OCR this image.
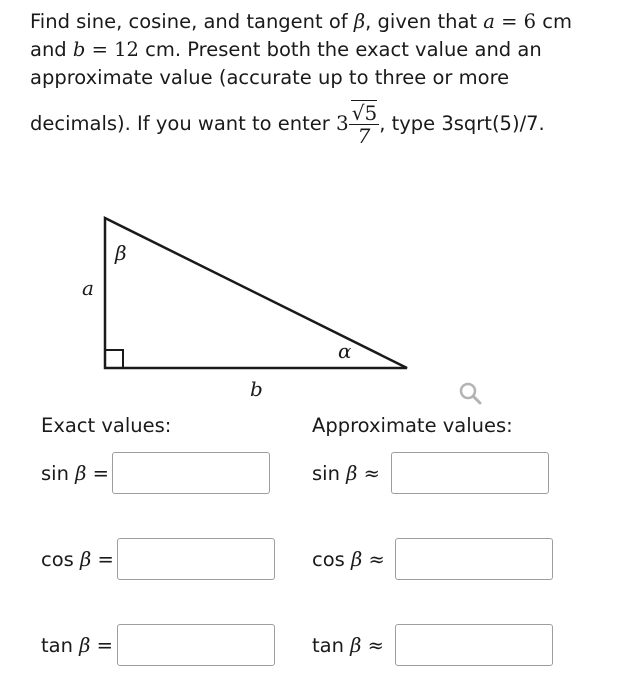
Find sine, cosine, and tangent of β, given that a = 6 cm
and b = 12 cm. Present both the exact value and an
approximate value (accurate up to three or more
decimals). If you want to enter $3 \frac{√5}{7}$ , type 3sqrt(5)/7.
β
a
α
b
Exact values:
sin β =
cos β =
tan β =
Approximate values:
sin β ≈
cos β ≈
tan β ≈
